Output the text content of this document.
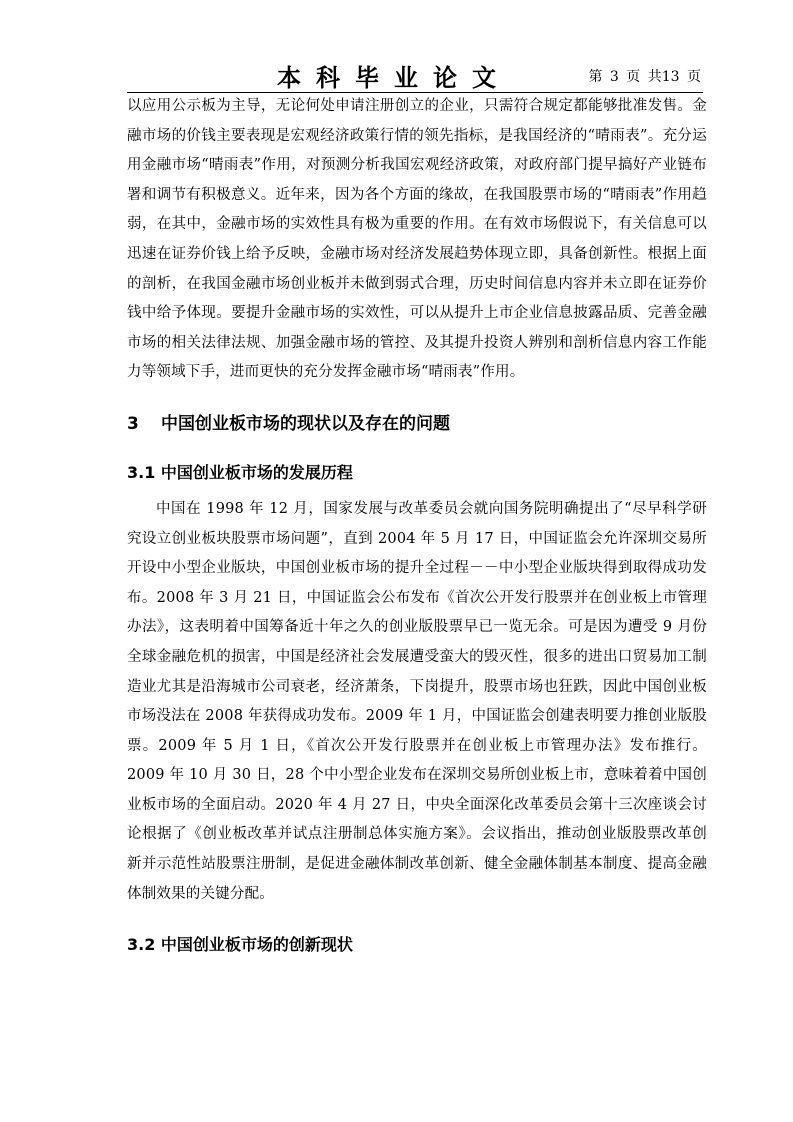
本科毕业论文	第 3 页 共13 页

以应用公示板为主导，无论何处申请注册创立的企业，只需符合规定都能够批准发售。金融市场的价钱主要表现是宏观经济政策行情的领先指标，是我国经济的“晴雨表”。充分运用金融市场“晴雨表”作用，对预测分析我国宏观经济政策，对政府部门提早搞好产业链布署和调节有积极意义。近年来，因为各个方面的缘故，在我国股票市场的“晴雨表”作用趋弱，在其中，金融市场的实效性具有极为重要的作用。在有效市场假说下，有关信息可以迅速在证券价钱上给予反映，金融市场对经济发展趋势体现立即，具备创新性。根据上面的剖析，在我国金融市场创业板并未做到弱式合理，历史时间信息内容并未立即在证券价钱中给予体现。要提升金融市场的实效性，可以从提升上市企业信息披露品质、完善金融市场的相关法律法规、加强金融市场的管控、及其提升投资人辨别和剖析信息内容工作能力等领域下手，进而更快的充分发挥金融市场“晴雨表”作用。

3 中国创业板市场的现状以及存在的问题
3.1 中国创业板市场的发展历程

中国在 1998 年 12 月，国家发展与改革委员会就向国务院明确提出了“尽早科学研究设立创业板块股票市场问题”，直到 2004 年 5 月 17 日，中国证监会允许深圳交易所开设中小型企业版块，中国创业板市场的提升全过程－－中小型企业版块得到取得成功发布。2008 年 3 月 21 日，中国证监会公布发布《首次公开发行股票并在创业板上市管理办法》，这表明着中国筹备近十年之久的创业版股票早已一览无余。可是因为遭受 9 月份全球金融危机的损害，中国是经济社会发展遭受蛮大的毁灭性，很多的进出口贸易加工制造业尤其是沿海城市公司衰老，经济萧条，下岗提升，股票市场也狂跌，因此中国创业板市场没法在 2008 年获得成功发布。2009 年 1 月，中国证监会创建表明要力推创业版股票。2009 年 5 月 1 日，《首次公开发行股票并在创业板上市管理办法》发布推行。2009 年 10 月 30 日，28 个中小型企业发布在深圳交易所创业板上市，意味着着中国创业板市场的全面启动。2020 年 4 月 27 日，中央全面深化改革委员会第十三次座谈会讨论根据了《创业板改革并试点注册制总体实施方案》。会议指出，推动创业版股票改革创新并示范性站股票注册制，是促进金融体制改革创新、健全金融体制基本制度、提高金融体制效果的关键分配。

3.2 中国创业板市场的创新现状
